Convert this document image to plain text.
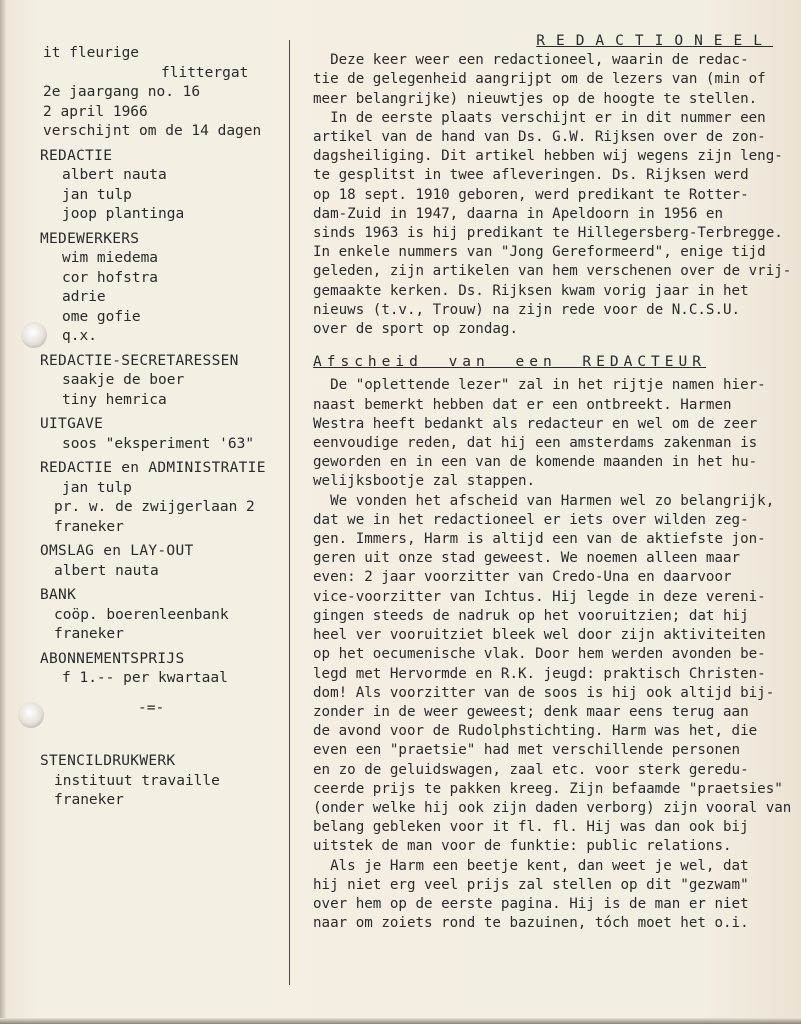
it fleurige
flittergat
2e jaargang no. 16
2 april 1966
verschijnt om de 14 dagen
REDACTIE
albert nauta
jan tulp
joop plantinga
MEDEWERKERS
wim miedema
cor hofstra
adrie
ome gofie
q.x.
REDACTIE-SECRETARESSEN
saakje de boer
tiny hemrica
UITGAVE
soos "eksperiment '63"
REDACTIE en ADMINISTRATIE
jan tulp
pr. w. de zwijgerlaan 2
franeker
OMSLAG en LAY-OUT
albert nauta
BANK
coöp. boerenleenbank
franeker
ABONNEMENTSPRIJS
f 1.-- per kwartaal
-=-
STENCILDRUKWERK
instituut travaille
franeker
REDACTIONEEL
Deze keer weer een redactioneel, waarin de redac-
tie de gelegenheid aangrijpt om de lezers van (min of
meer belangrijke) nieuwtjes op de hoogte te stellen.
In de eerste plaats verschijnt er in dit nummer een
artikel van de hand van Ds. G.W. Rijksen over de zon-
dagsheiliging. Dit artikel hebben wij wegens zijn leng-
te gesplitst in twee afleveringen. Ds. Rijksen werd
op 18 sept. 1910 geboren, werd predikant te Rotter-
dam-Zuid in 1947, daarna in Apeldoorn in 1956 en
sinds 1963 is hij predikant te Hillegersberg-Terbregge.
In enkele nummers van "Jong Gereformeerd", enige tijd
geleden, zijn artikelen van hem verschenen over de vrij-
gemaakte kerken. Ds. Rijksen kwam vorig jaar in het
nieuws (t.v., Trouw) na zijn rede voor de N.C.S.U.
over de sport op zondag.
Afscheid van een REDACTEUR
De "oplettende lezer" zal in het rijtje namen hier-
naast bemerkt hebben dat er een ontbreekt. Harmen
Westra heeft bedankt als redacteur en wel om de zeer
eenvoudige reden, dat hij een amsterdams zakenman is
geworden en in een van de komende maanden in het hu-
welijksbootje zal stappen.
We vonden het afscheid van Harmen wel zo belangrijk,
dat we in het redactioneel er iets over wilden zeg-
gen. Immers, Harm is altijd een van de aktiefste jon-
geren uit onze stad geweest. We noemen alleen maar
even: 2 jaar voorzitter van Credo-Una en daarvoor
vice-voorzitter van Ichtus. Hij legde in deze vereni-
gingen steeds de nadruk op het vooruitzien; dat hij
heel ver vooruitziet bleek wel door zijn aktiviteiten
op het oecumenische vlak. Door hem werden avonden be-
legd met Hervormde en R.K. jeugd: praktisch Christen-
dom! Als voorzitter van de soos is hij ook altijd bij-
zonder in de weer geweest; denk maar eens terug aan
de avond voor de Rudolphstichting. Harm was het, die
even een "praetsie" had met verschillende personen
en zo de geluidswagen, zaal etc. voor sterk geredu-
ceerde prijs te pakken kreeg. Zijn befaamde "praetsies"
(onder welke hij ook zijn daden verborg) zijn vooral van
belang gebleken voor it fl. fl. Hij was dan ook bij
uitstek de man voor de funktie: public relations.
Als je Harm een beetje kent, dan weet je wel, dat
hij niet erg veel prijs zal stellen op dit "gezwam"
over hem op de eerste pagina. Hij is de man er niet
naar om zoiets rond te bazuinen, tóch moet het o.i.
